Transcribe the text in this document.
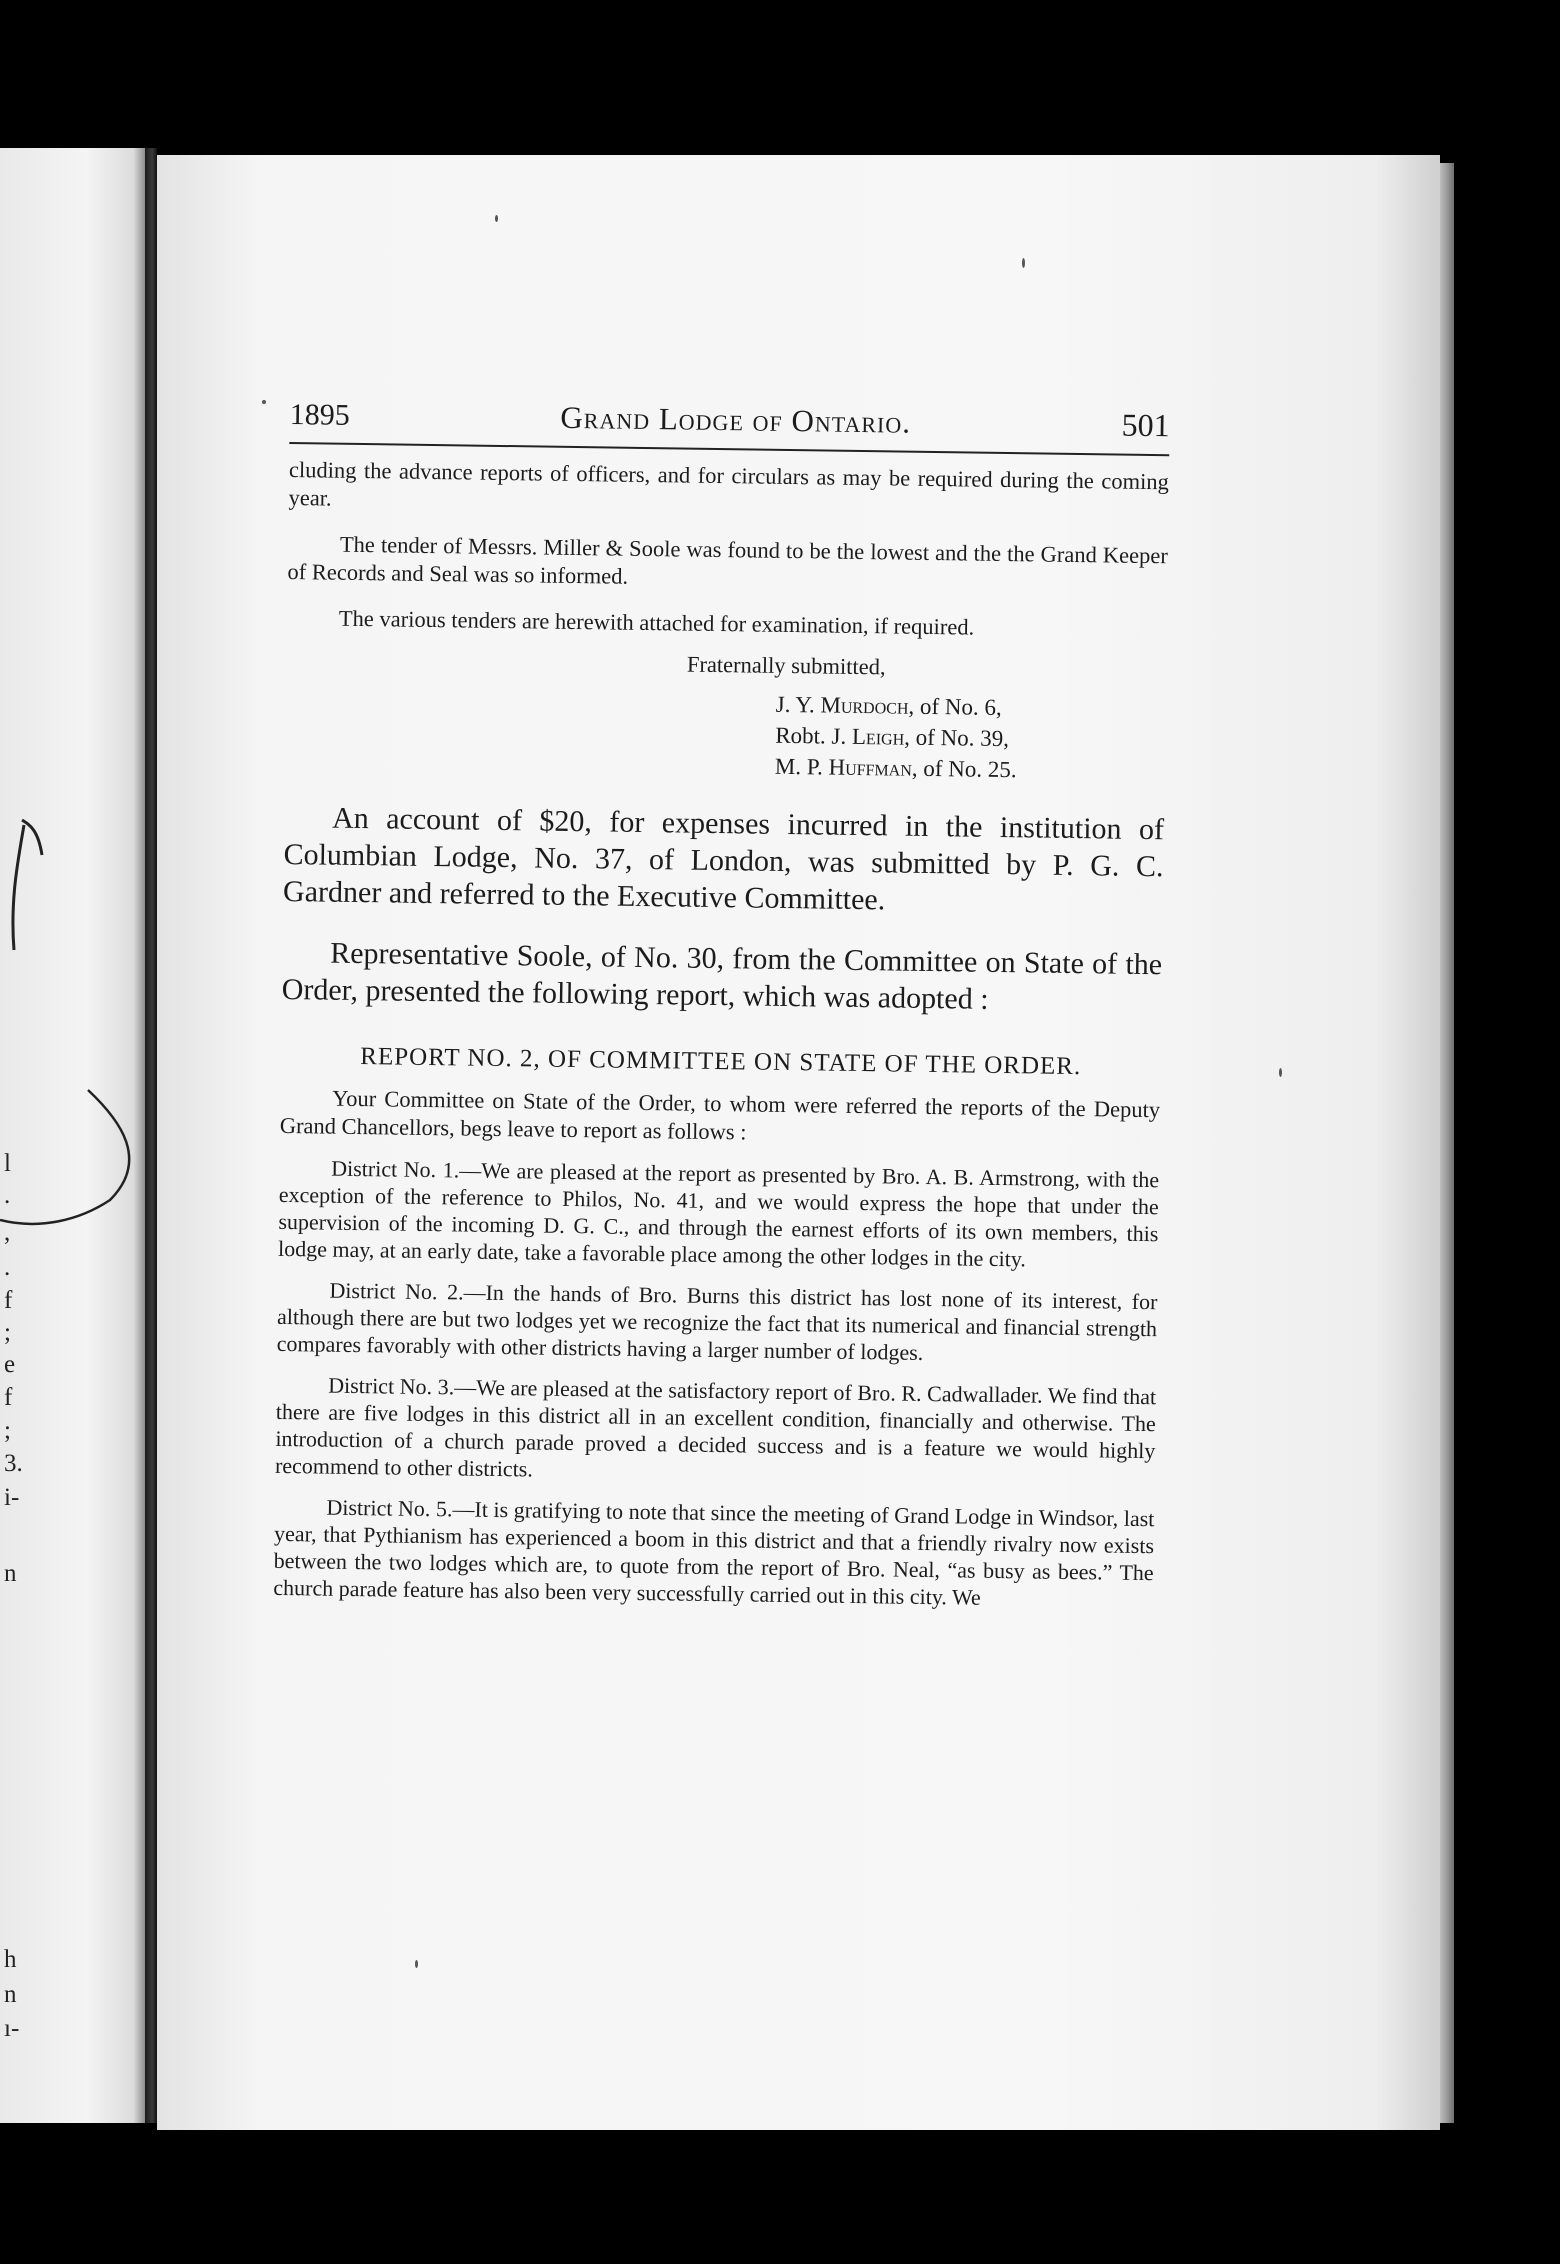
l
.
,
.
f
;
e
f
;
3.
i-
n
h
n
ı-
1895	Grand Lodge of Ontario.	501

cluding the advance reports of officers, and for circulars as may be required during the coming year.

The tender of Messrs. Miller & Soole was found to be the lowest and the the Grand Keeper of Records and Seal was so informed.

The various tenders are herewith attached for examination, if required.

Fraternally submitted,

J. Y. Murdoch, of No. 6,
Robt. J. Leigh, of No. 39,
M. P. Huffman, of No. 25.

An account of $20, for expenses incurred in the institution of Columbian Lodge, No. 37, of London, was submitted by P. G. C. Gardner and referred to the Executive Committee.

Representative Soole, of No. 30, from the Committee on State of the Order, presented the following report, which was adopted :

REPORT NO. 2, OF COMMITTEE ON STATE OF THE ORDER.

Your Committee on State of the Order, to whom were referred the reports of the Deputy Grand Chancellors, begs leave to report as follows :

District No. 1.—We are pleased at the report as presented by Bro. A. B. Armstrong, with the exception of the reference to Philos, No. 41, and we would express the hope that under the supervision of the incoming D. G. C., and through the earnest efforts of its own members, this lodge may, at an early date, take a favorable place among the other lodges in the city.

District No. 2.—In the hands of Bro. Burns this district has lost none of its interest, for although there are but two lodges yet we recognize the fact that its numerical and financial strength compares favorably with other districts having a larger number of lodges.

District No. 3.—We are pleased at the satisfactory report of Bro. R. Cadwallader. We find that there are five lodges in this district all in an excellent condition, financially and otherwise. The introduction of a church parade proved a decided success and is a feature we would highly recommend to other districts.

District No. 5.—It is gratifying to note that since the meeting of Grand Lodge in Windsor, last year, that Pythianism has experienced a boom in this district and that a friendly rivalry now exists between the two lodges which are, to quote from the report of Bro. Neal, “as busy as bees.” The church parade feature has also been very successfully carried out in this city. We
